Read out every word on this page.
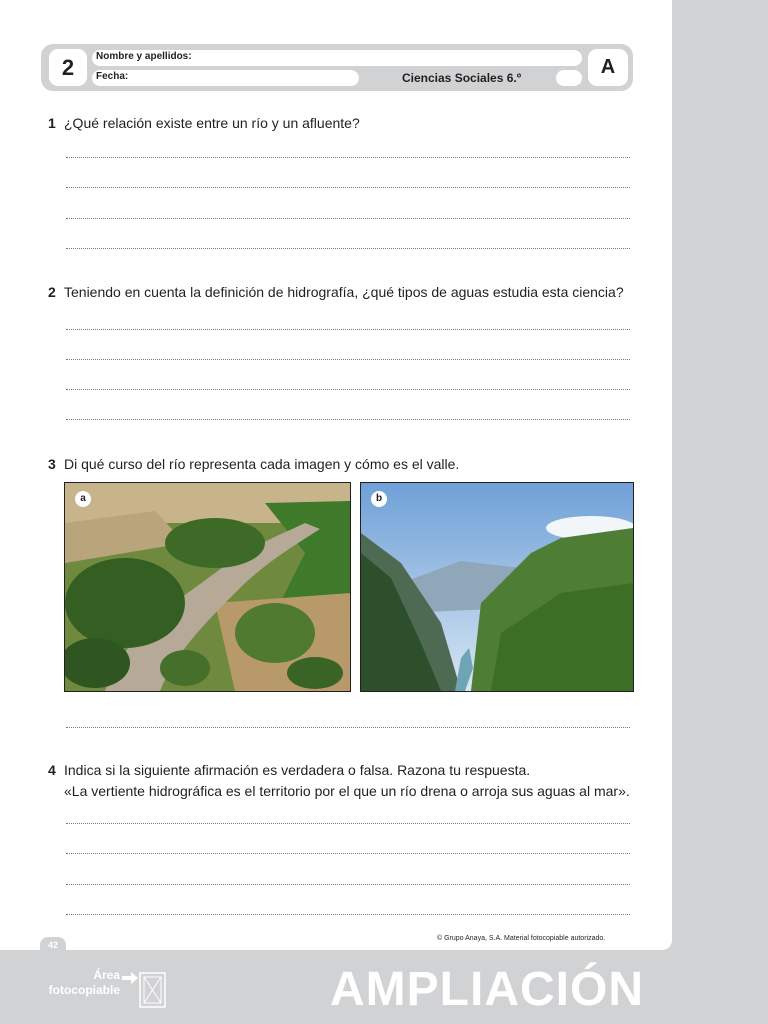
2	Nombre y apellidos:
Fecha:	Ciencias Sociales 6.º	A
1 ¿Qué relación existe entre un río y un afluente?
2 Teniendo en cuenta la definición de hidrografía, ¿qué tipos de aguas estudia esta ciencia?
3 Di qué curso del río representa cada imagen y cómo es el valle.
a	b
4 Indica si la siguiente afirmación es verdadera o falsa. Razona tu respuesta.
«La vertiente hidrográfica es el territorio por el que un río drena o arroja sus aguas al mar».
© Grupo Anaya, S.A. Material fotocopiable autorizado.
42
Área
fotocopiable	AMPLIACIÓN
